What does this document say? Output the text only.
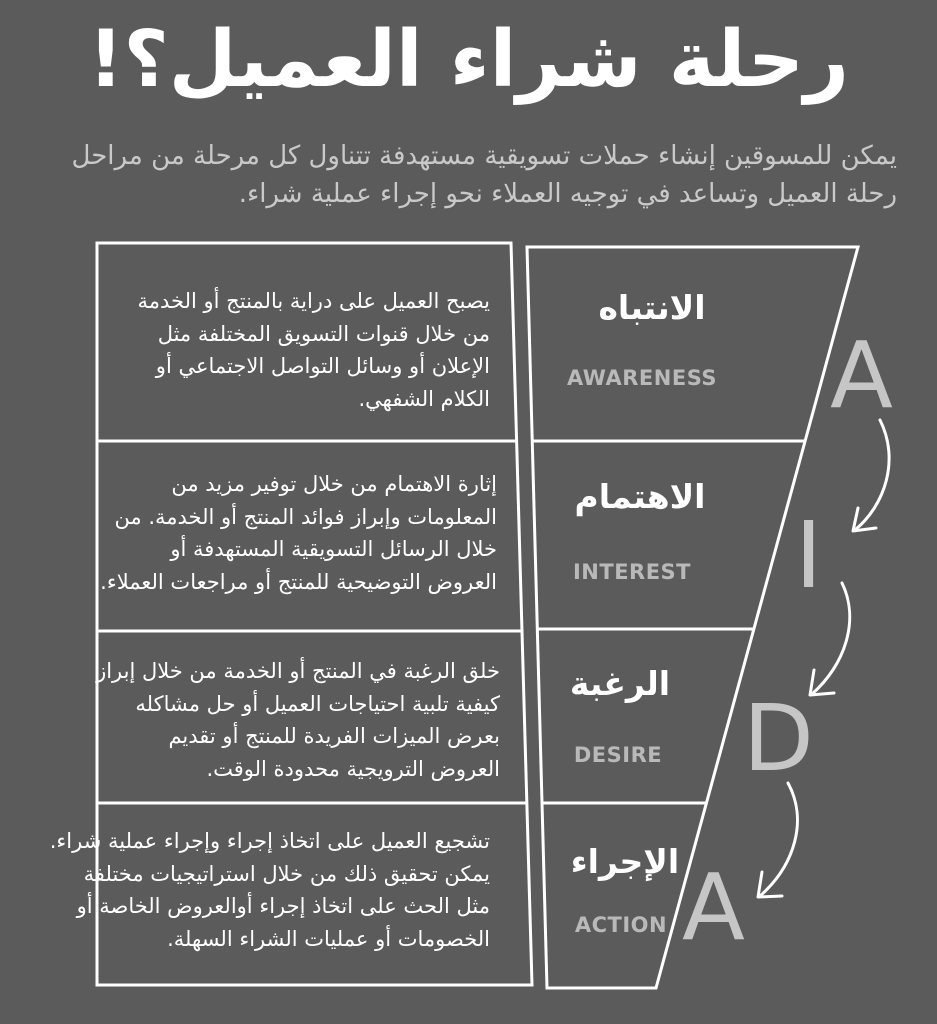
رحلة شراء العميل؟!
يمكن للمسوقين إنشاء حملات تسويقية مستهدفة تتناول كل مرحلة من مراحل
رحلة العميل وتساعد في توجيه العملاء نحو إجراء عملية شراء.
يصبح العميل على دراية بالمنتج أو الخدمة
من خلال قنوات التسويق المختلفة مثل
الإعلان أو وسائل التواصل الاجتماعي أو
الكلام الشفهي.
الانتباه
AWARENESS A
إثارة الاهتمام من خلال توفير مزيد من
المعلومات وإبراز فوائد المنتج أو الخدمة. من
خلال الرسائل التسويقية المستهدفة أو
العروض التوضيحية للمنتج أو مراجعات العملاء.
الاهتمام
INTEREST I
خلق الرغبة في المنتج أو الخدمة من خلال إبراز
كيفية تلبية احتياجات العميل أو حل مشاكله
بعرض الميزات الفريدة للمنتج أو تقديم
العروض الترويجية محدودة الوقت.
الرغبة
DESIRE D
تشجيع العميل على اتخاذ إجراء وإجراء عملية شراء.
يمكن تحقيق ذلك من خلال استراتيجيات مختلفة
مثل الحث على اتخاذ إجراء أوالعروض الخاصة أو
الخصومات أو عمليات الشراء السهلة.
الإجراء
ACTION A
